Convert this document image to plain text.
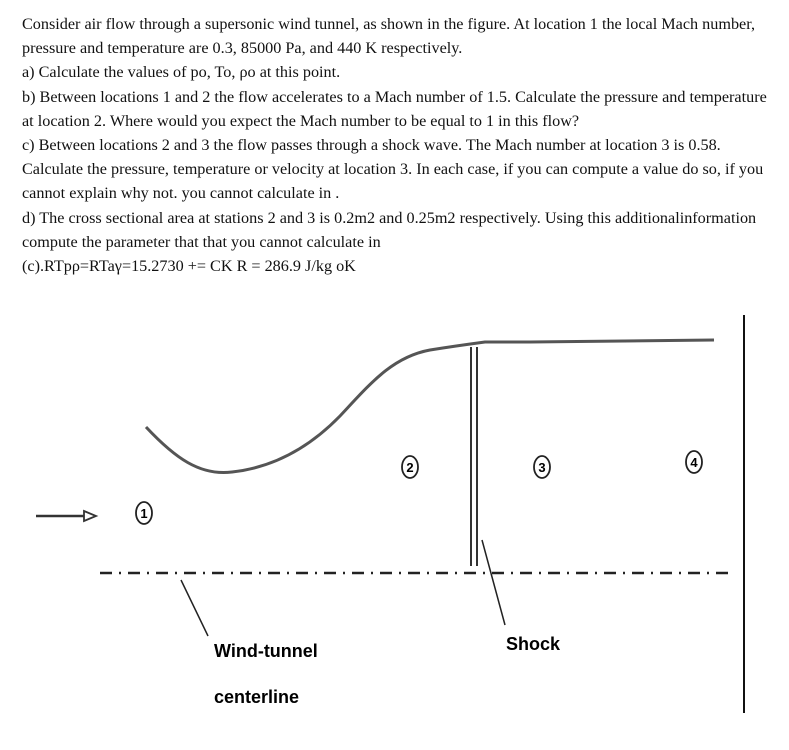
Consider air flow through a supersonic wind tunnel, as shown in the figure. At location 1 the local Mach number, pressure and temperature are 0.3, 85000 Pa, and 440 K respectively.

a) Calculate the values of po, To, ρo at this point.

b) Between locations 1 and 2 the flow accelerates to a Mach number of 1.5. Calculate the pressure and temperature at location 2. Where would you expect the Mach number to be equal to 1 in this flow?

c) Between locations 2 and 3 the flow passes through a shock wave. The Mach number at location 3 is 0.58. Calculate the pressure, temperature or velocity at location 3. In each case, if you can compute a value do so, if you cannot explain why not. you cannot calculate in .

d) The cross sectional area at stations 2 and 3 is 0.2m2 and 0.25m2 respectively. Using this additionalinformation compute the parameter that that you cannot calculate in

(c).RTpρ=RTaγ=15.2730 += CK R = 286.9 J/kg oK

1
2	3	4
Wind-tunnel
centerline
Shock
